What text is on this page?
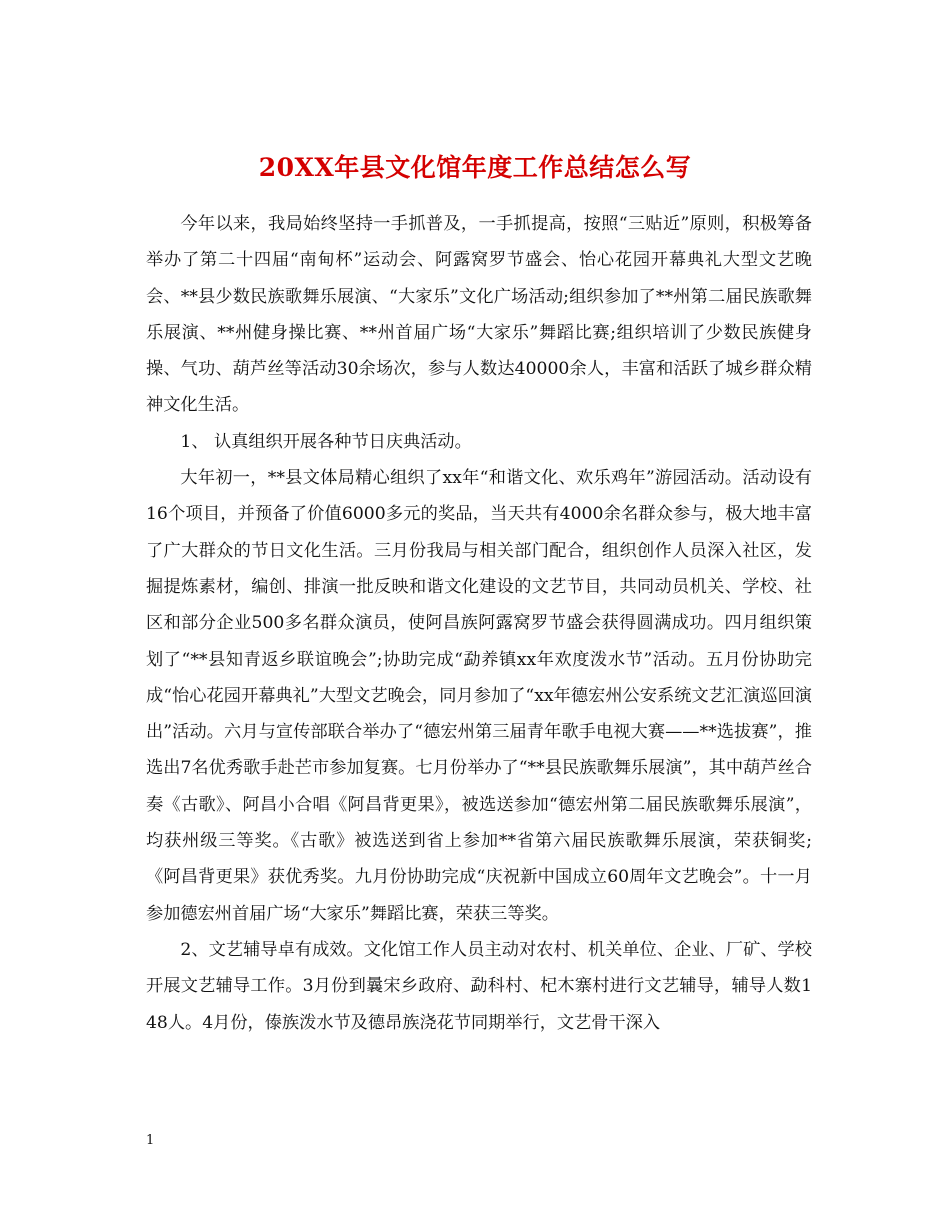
20XX年县文化馆年度工作总结怎么写

今年以来，我局始终坚持一手抓普及，一手抓提高，按照“三贴近”原则，积极筹备举办了第二十四届“南甸杯”运动会、阿露窝罗节盛会、怡心花园开幕典礼大型文艺晚会、**县少数民族歌舞乐展演、“大家乐”文化广场活动;组织参加了**州第二届民族歌舞乐展演、**州健身操比赛、**州首届广场“大家乐”舞蹈比赛;组织培训了少数民族健身操、气功、葫芦丝等活动30余场次，参与人数达40000余人，丰富和活跃了城乡群众精神文化生活。

1、 认真组织开展各种节日庆典活动。

大年初一，**县文体局精心组织了xx年“和谐文化、欢乐鸡年”游园活动。活动设有16个项目，并预备了价值6000多元的奖品，当天共有4000余名群众参与，极大地丰富了广大群众的节日文化生活。三月份我局与相关部门配合，组织创作人员深入社区，发掘提炼素材，编创、排演一批反映和谐文化建设的文艺节目，共同动员机关、学校、社区和部分企业500多名群众演员，使阿昌族阿露窝罗节盛会获得圆满成功。四月组织策划了“**县知青返乡联谊晚会”;协助完成“勐养镇xx年欢度泼水节”活动。五月份协助完成“怡心花园开幕典礼”大型文艺晚会，同月参加了“xx年德宏州公安系统文艺汇演巡回演出”活动。六月与宣传部联合举办了“德宏州第三届青年歌手电视大赛——**选拔赛”，推选出7名优秀歌手赴芒市参加复赛。七月份举办了“**县民族歌舞乐展演”，其中葫芦丝合奏《古歌》、阿昌小合唱《阿昌背更果》，被选送参加“德宏州第二届民族歌舞乐展演”，均获州级三等奖。《古歌》被选送到省上参加**省第六届民族歌舞乐展演，荣获铜奖;《阿昌背更果》获优秀奖。九月份协助完成“庆祝新中国成立60周年文艺晚会”。十一月参加德宏州首届广场“大家乐”舞蹈比赛，荣获三等奖。

2、文艺辅导卓有成效。文化馆工作人员主动对农村、机关单位、企业、厂矿、学校开展文艺辅导工作。3月份到曩宋乡政府、勐科村、杞木寨村进行文艺辅导，辅导人数148人。4月份，傣族泼水节及德昂族浇花节同期举行，文艺骨干深入

1
